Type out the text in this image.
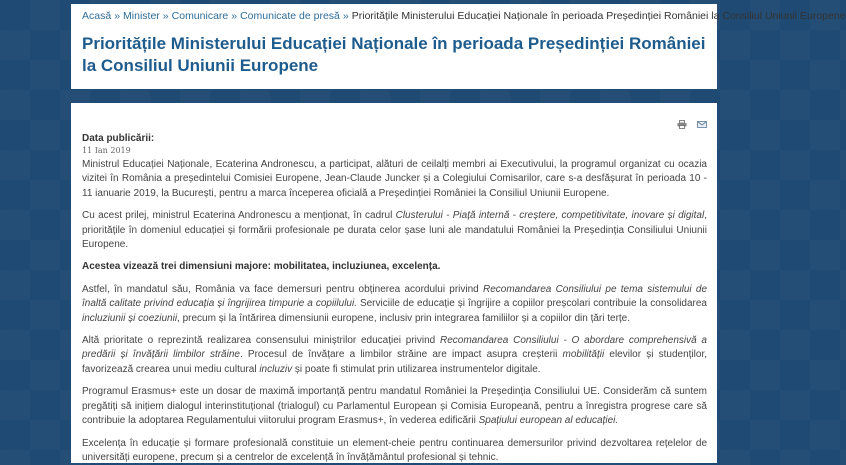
Acasă » Minister » Comunicare » Comunicate de presă » Prioritățile Ministerului Educației Naționale în perioada Președinției României la Consiliul Uniunii Europene
Prioritățile Ministerului Educației Naționale în perioada Președinției României la Consiliul Uniunii Europene
Data publicării:
11 Ian 2019

Ministrul Educației Naționale, Ecaterina Andronescu, a participat, alături de ceilalți membri ai Executivului, la programul organizat cu ocazia vizitei în România a președintelui Comisiei Europene, Jean-Claude Juncker și a Colegiului Comisarilor, care s-a desfășurat în perioada 10 - 11 ianuarie 2019, la București, pentru a marca începerea oficială a Președinției României la Consiliul Uniunii Europene.

Cu acest prilej, ministrul Ecaterina Andronescu a menționat, în cadrul Clusterului - Piață internă - creștere, competitivitate, inovare și digital, prioritățile în domeniul educației și formării profesionale pe durata celor șase luni ale mandatului României la Președinția Consiliului Uniunii Europene.

Acestea vizează trei dimensiuni majore: mobilitatea, incluziunea, excelența.

Astfel, în mandatul său, România va face demersuri pentru obținerea acordului privind Recomandarea Consiliului pe tema sistemului de înaltă calitate privind educația și îngrijirea timpurie a copiilului. Serviciile de educație și îngrijire a copiilor preșcolari contribuie la consolidarea incluziunii și coeziunii, precum și la întărirea dimensiunii europene, inclusiv prin integrarea familiilor și a copiilor din țări terțe.

Altă prioritate o reprezintă realizarea consensului miniștrilor educației privind Recomandarea Consiliului - O abordare comprehensivă a predării și învățării limbilor străine. Procesul de învățare a limbilor străine are impact asupra creșterii mobilității elevilor și studenților, favorizează crearea unui mediu cultural incluziv și poate fi stimulat prin utilizarea instrumentelor digitale.

Programul Erasmus+ este un dosar de maximă importanță pentru mandatul României la Președinția Consiliului UE. Considerăm că suntem pregătiți să inițiem dialogul interinstituțional (trialogul) cu Parlamentul European și Comisia Europeană, pentru a înregistra progrese care să contribuie la adoptarea Regulamentului viitorului program Erasmus+, în vederea edificării Spațiului european al educației.

Excelența în educație și formare profesională constituie un element-cheie pentru continuarea demersurilor privind dezvoltarea rețelelor de universități europene, precum și a centrelor de excelență în învățământul profesional și tehnic.
